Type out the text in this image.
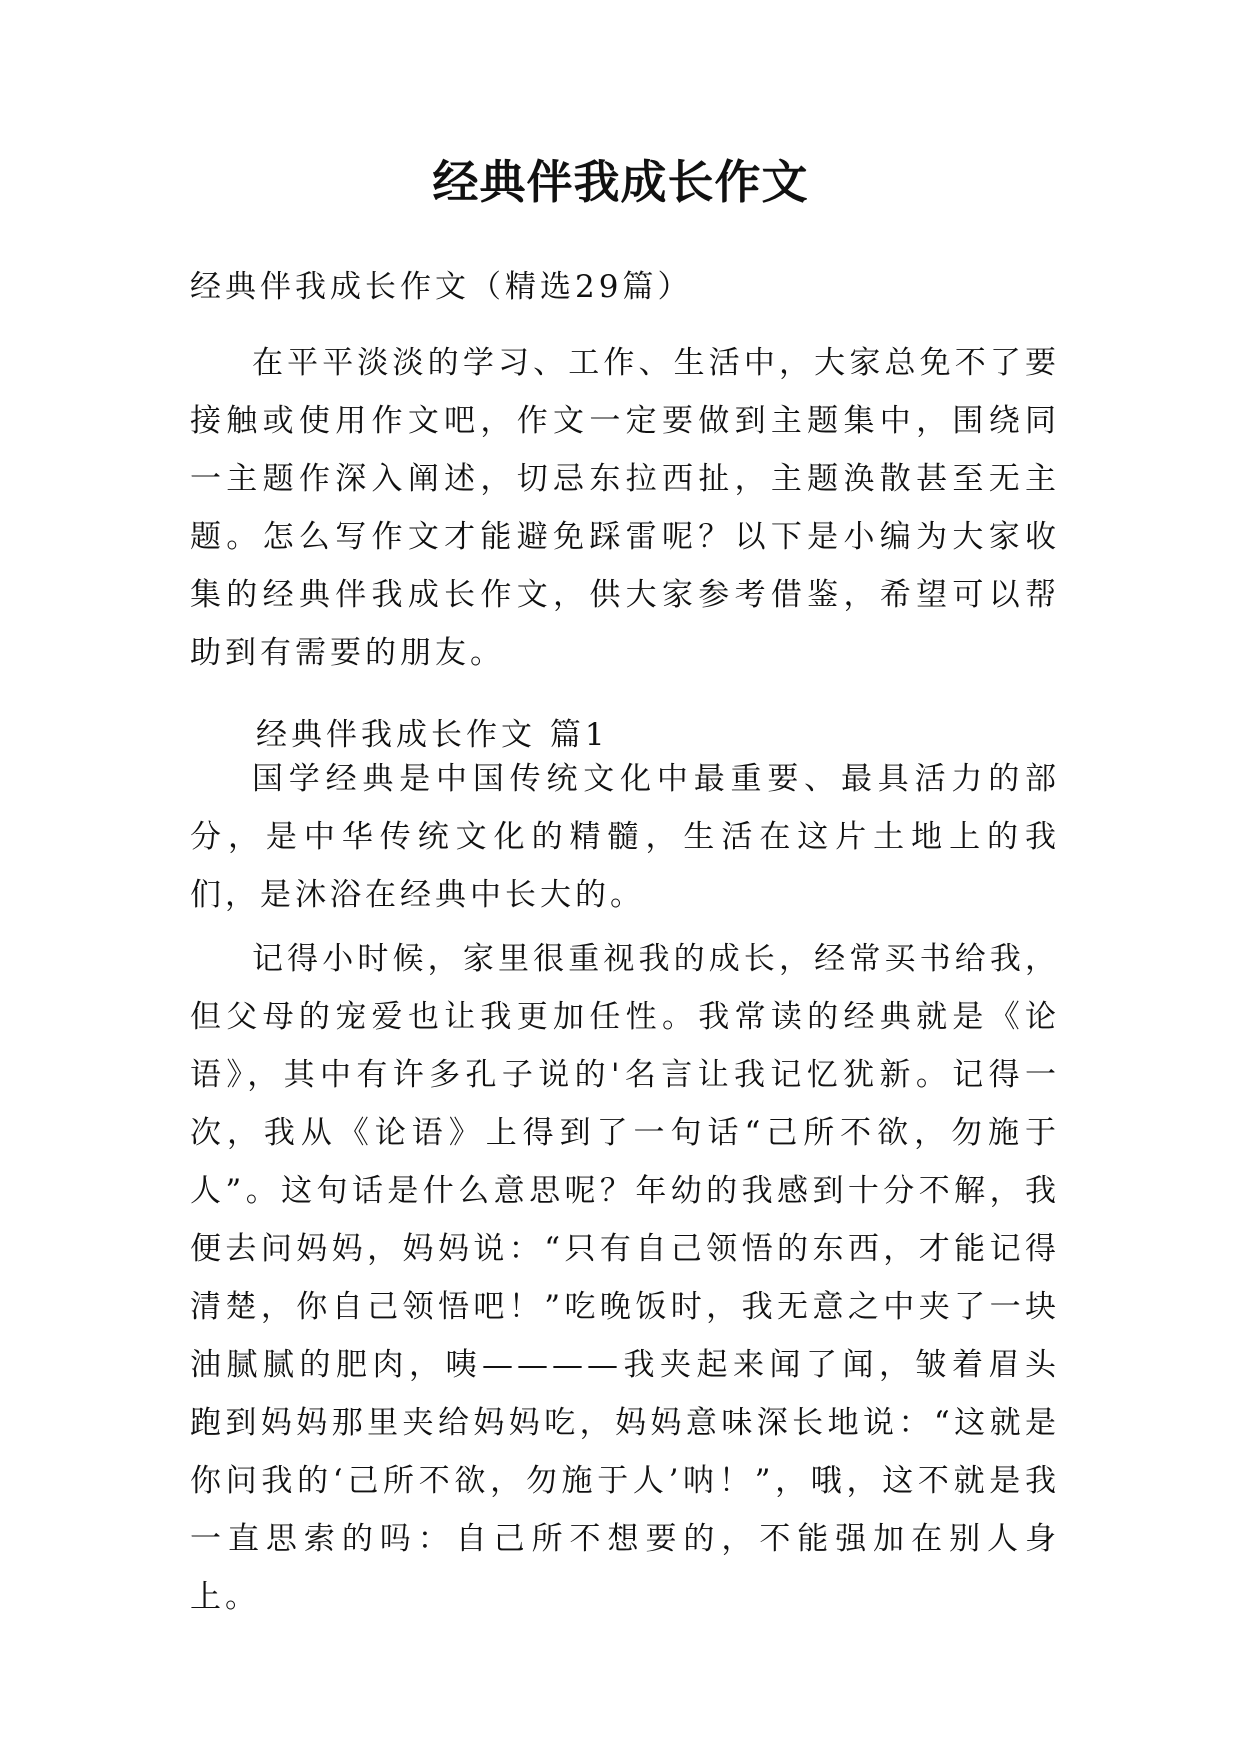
经典伴我成长作文
经典伴我成长作文（精选29篇）

在平平淡淡的学习、工作、生活中，大家总免不了要接触或使用作文吧，作文一定要做到主题集中，围绕同一主题作深入阐述，切忌东拉西扯，主题涣散甚至无主题。怎么写作文才能避免踩雷呢？以下是小编为大家收集的经典伴我成长作文，供大家参考借鉴，希望可以帮助到有需要的朋友。

经典伴我成长作文 篇1

国学经典是中国传统文化中最重要、最具活力的部分，是中华传统文化的精髓，生活在这片土地上的我们，是沐浴在经典中长大的。

记得小时候，家里很重视我的成长，经常买书给我，但父母的宠爱也让我更加任性。我常读的经典就是《论语》，其中有许多孔子说的'名言让我记忆犹新。记得一次，我从《论语》上得到了一句话“己所不欲，勿施于人”。这句话是什么意思呢？年幼的我感到十分不解，我便去问妈妈，妈妈说：“只有自己领悟的东西，才能记得清楚，你自己领悟吧！”吃晚饭时，我无意之中夹了一块油腻腻的肥肉，咦————我夹起来闻了闻，皱着眉头跑到妈妈那里夹给妈妈吃，妈妈意味深长地说：“这就是你问我的‘己所不欲，勿施于人’呐！”，哦，这不就是我一直思索的吗：自己所不想要的，不能强加在别人身上。
